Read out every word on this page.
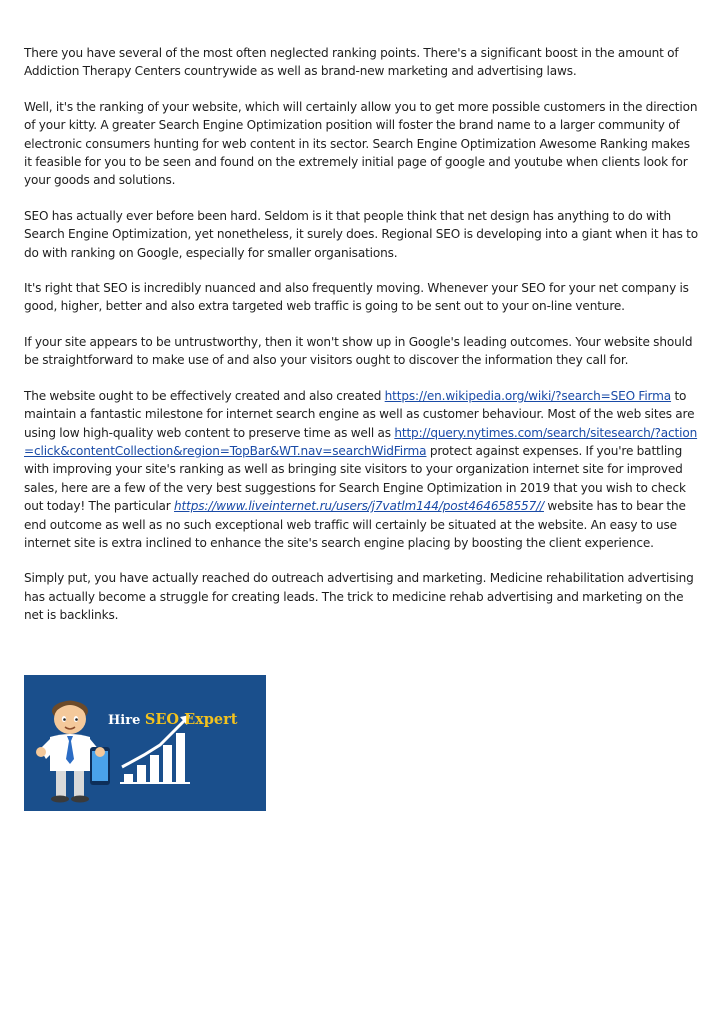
There you have several of the most often neglected ranking points. There's a significant boost in the amount of Addiction Therapy Centers countrywide as well as brand-new marketing and advertising laws.

Well, it's the ranking of your website, which will certainly allow you to get more possible customers in the direction of your kitty. A greater Search Engine Optimization position will foster the brand name to a larger community of electronic consumers hunting for web content in its sector. Search Engine Optimization Awesome Ranking makes it feasible for you to be seen and found on the extremely initial page of google and youtube when clients look for your goods and solutions.

SEO has actually ever before been hard. Seldom is it that people think that net design has anything to do with Search Engine Optimization, yet nonetheless, it surely does. Regional SEO is developing into a giant when it has to do with ranking on Google, especially for smaller organisations.

It's right that SEO is incredibly nuanced and also frequently moving. Whenever your SEO for your net company is good, higher, better and also extra targeted web traffic is going to be sent out to your on-line venture.

If your site appears to be untrustworthy, then it won't show up in Google's leading outcomes. Your website should be straightforward to make use of and also your visitors ought to discover the information they call for.

The website ought to be effectively created and also created https://en.wikipedia.org/wiki/?search=SEO Firma to maintain a fantastic milestone for internet search engine as well as customer behaviour. Most of the web sites are using low high-quality web content to preserve time as well as http://query.nytimes.com/search/sitesearch/?action=click&contentCollection&region=TopBar&WT.nav=searchWidFirma protect against expenses. If you're battling with improving your site's ranking as well as bringing site visitors to your organization internet site for improved sales, here are a few of the very best suggestions for Search Engine Optimization in 2019 that you wish to check out today! The particular https://www.liveinternet.ru/users/j7vatlm144/post464658557// website has to bear the end outcome as well as no such exceptional web traffic will certainly be situated at the website. An easy to use internet site is extra inclined to enhance the site's search engine placing by boosting the client experience.

Simply put, you have actually reached do outreach advertising and marketing. Medicine rehabilitation advertising has actually become a struggle for creating leads. The trick to medicine rehab advertising and marketing on the net is backlinks.

Hire SEO Expert
